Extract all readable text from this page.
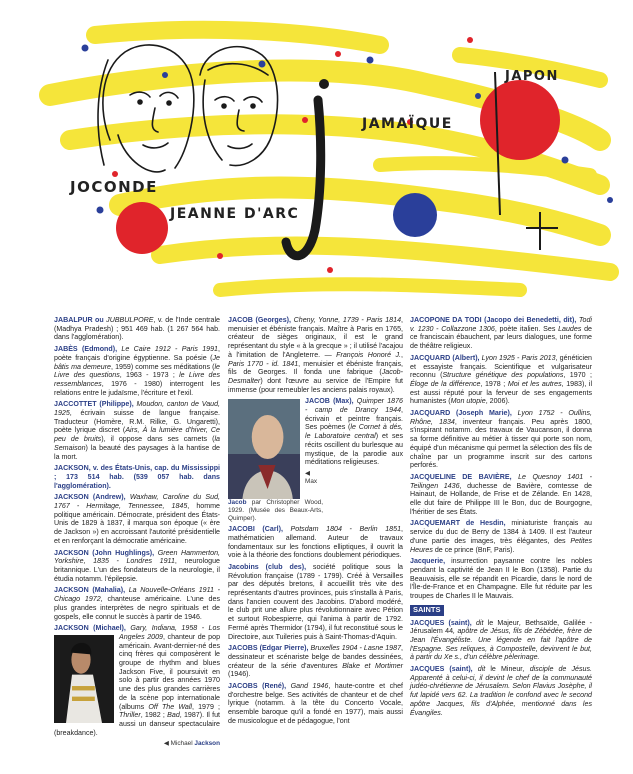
JOCONDE
JEANNE D'ARC
JAMAÏQUE
JAPON

JABALPUR ou JUBBULPORE, v. de l'Inde centrale (Madhya Pradesh) ; 951 469 hab. (1 267 564 hab. dans l'agglomération).

JABÈS (Edmond), Le Caire 1912 - Paris 1991, poète français d'origine égyptienne. Sa poésie (Je bâtis ma demeure, 1959) comme ses méditations (le Livre des questions, 1963 - 1973 ; le Livre des ressemblances, 1976 - 1980) interrogent les relations entre le judaïsme, l'écriture et l'exil.

JACCOTTET (Philippe), Moudon, canton de Vaud, 1925, écrivain suisse de langue française. Traducteur (Homère, R.M. Rilke, G. Ungaretti), poète lyrique discret (Airs, À la lumière d'hiver, Ce peu de bruits), il oppose dans ses carnets (la Semaison) la beauté des paysages à la hantise de la mort.

JACKSON, v. des États-Unis, cap. du Mississippi ; 173 514 hab. (539 057 hab. dans l'agglomération).

JACKSON (Andrew), Waxhaw, Caroline du Sud, 1767 - Hermitage, Tennessee, 1845, homme politique américain. Démocrate, président des États-Unis de 1829 à 1837, il marqua son époque (« ère de Jackson ») en accroissant l'autorité présidentielle et en renforçant la démocratie américaine.

JACKSON (John Hughlings), Green Hammerton, Yorkshire, 1835 - Londres 1911, neurologue britannique. L'un des fondateurs de la neurologie, il étudia notamm. l'épilepsie.

JACKSON (Mahalia), La Nouvelle-Orléans 1911 - Chicago 1972, chanteuse américaine. L'une des plus grandes interprètes de negro spirituals et de gospels, elle connut le succès à partir de 1946.

JACKSON (Michael), Gary, Indiana, 1958 - Los Angeles 2009
, chanteur de pop américain. Avant-dernier-né des cinq frères qui composèrent le groupe de rhythm and blues Jackson Five, il poursuivit en solo à partir des années 1970 une des plus grandes carrières de la scène pop internationale (albums Off The Wall, 1979 ; Thriller, 1982 ; Bad, 1987). Il fut aussi un danseur spectaculaire (breakdance).

◀ Michael Jackson

JACOB (Georges), Cheny, Yonne, 1739 - Paris 1814, menuisier et ébéniste français. Maître à Paris en 1765, créateur de sièges originaux, il est le grand représentant du style « à la grecque » ; il utilisé l'acajou à l'imitation de l'Angleterre. — François Honoré J., Paris 1770 - id. 1841, menuisier et ébéniste français, fils de Georges. Il fonda une fabrique (Jacob-Desmalter) dont l'œuvre au service de l'Empire fut immense (pour remeubler les anciens palais royaux).

JACOB (Max),
Quimper 1876 - camp de Drancy 1944, écrivain et peintre français. Ses poèmes (le Cornet à dés, le Laboratoire central) et ses récits oscillent du burlesque au mystique, de la parodie aux méditations religieuses.

◀ Max Jacob par Christopher Wood, 1929. (Musée des Beaux-Arts, Quimper).

JACOBI (Carl), Potsdam 1804 - Berlin 1851, mathématicien allemand. Auteur de travaux fondamentaux sur les fonctions elliptiques, il ouvrit la voie à la théorie des fonctions doublement périodiques.

Jacobins (club des), société politique sous la Révolution française (1789 - 1799). Créé à Versailles par des députés bretons, il accueillit très vite des représentants d'autres provinces, puis s'installa à Paris, dans l'ancien couvent des Jacobins. D'abord modéré, le club prit une allure plus révolutionnaire avec Pétion et surtout Robespierre, qui l'anima à partir de 1792. Fermé après Thermidor (1794), il fut reconstitué sous le Directoire, aux Tuileries puis à Saint-Thomas-d'Aquin.

JACOBS (Edgar Pierre), Bruxelles 1904 - Lasne 1987, dessinateur et scénariste belge de bandes dessinées, créateur de la série d'aventures Blake et Mortimer (1946).

JACOBS (René), Gand 1946, haute-contre et chef d'orchestre belge. Ses activités de chanteur et de chef lyrique (notamm. à la tête du Concerto Vocale, ensemble baroque qu'il a fondé en 1977), mais aussi de musicologue et de pédagogue, l'ont

JACOPONE DA TODI (Jacopo dei Benedetti, dit), Todi v. 1230 - Collazzone 1306, poète italien. Ses Laudes de ce franciscain ébauchent, par leurs dialogues, une forme de théâtre religieux.

JACQUARD (Albert), Lyon 1925 - Paris 2013, généticien et essayiste français. Scientifique et vulgarisateur reconnu (Structure génétique des populations, 1970 ; Éloge de la différence, 1978 ; Moi et les autres, 1983), il est aussi réputé pour la ferveur de ses engagements humanistes (Mon utopie, 2006).

JACQUARD (Joseph Marie), Lyon 1752 - Oullins, Rhône, 1834, inventeur français. Peu après 1800, s'inspirant notamm. des travaux de Vaucanson, il donna sa forme définitive au métier à tisser qui porte son nom, équipé d'un mécanisme qui permet la sélection des fils de chaîne par un programme inscrit sur des cartons perforés.

JACQUELINE DE BAVIÈRE, Le Quesnoy 1401 - Teilingen 1436, duchesse de Bavière, comtesse de Hainaut, de Hollande, de Frise et de Zélande. En 1428, elle dut faire de Philippe III le Bon, duc de Bourgogne, l'héritier de ses États.

JACQUEMART de Hesdin, miniaturiste français au service du duc de Berry de 1384 à 1409. Il est l'auteur d'une partie des images, très élégantes, des Petites Heures de ce prince (BnF, Paris).

Jacquerie, insurrection paysanne contre les nobles pendant la captivité de Jean II le Bon (1358). Partie du Beauvaisis, elle se répandit en Picardie, dans le nord de l'Île-de-France et en Champagne. Elle fut réduite par les troupes de Charles II le Mauvais.

SAINTS

JACQUES (saint), dit le Majeur, Bethsaïde, Galilée - Jérusalem 44, apôtre de Jésus, fils de Zébédée, frère de Jean l'Évangéliste. Une légende en fait l'apôtre de l'Espagne. Ses reliques, à Compostelle, devinrent le but, à partir du Xe s., d'un célèbre pèlerinage.

JACQUES (saint), dit le Mineur, disciple de Jésus. Apparenté à celui-ci, il devint le chef de la communauté judéo-chrétienne de Jérusalem. Selon Flavius Josèphe, il fut lapidé vers 62. La tradition le confond avec le second apôtre Jacques, fils d'Alphée, mentionné dans les Évangiles.
